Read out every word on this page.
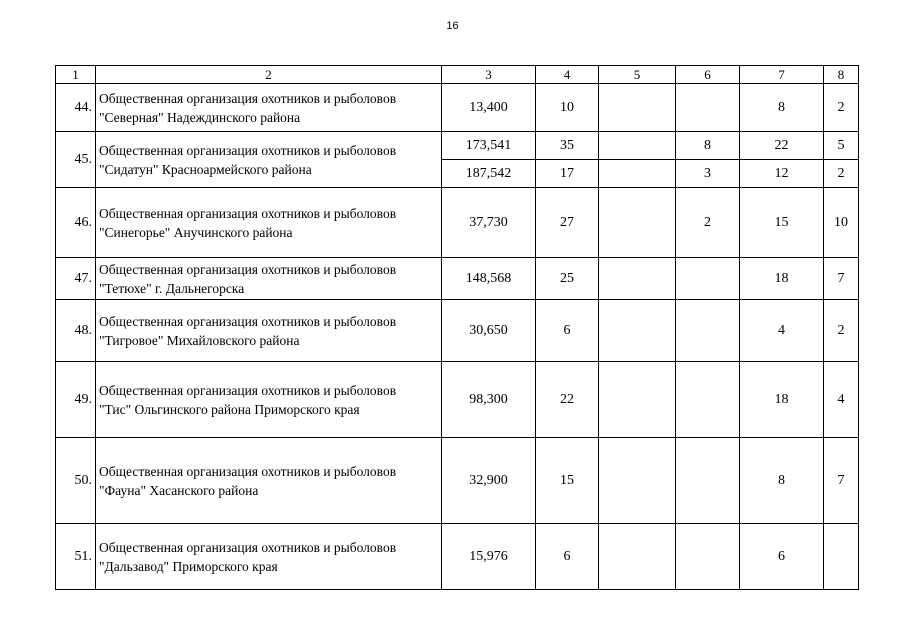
16
1	2	3	4	5	6	7	8
44.	Общественная организация охотников и рыболовов
"Северная" Надеждинского района	13,400	10			8	2
45.	Общественная организация охотников и рыболовов
"Сидатун" Красноармейского района	173,541	35		8	22	5
		187,542	17		3	12	2
46.	Общественная организация охотников и рыболовов
"Синегорье" Анучинского района	37,730	27		2	15	10
47.	Общественная организация охотников и рыболовов
"Тетюхе" г. Дальнегорска	148,568	25			18	7
48.	Общественная организация охотников и рыболовов
"Тигровое" Михайловского района	30,650	6			4	2
49.	Общественная организация охотников и рыболовов
"Тис" Ольгинского района Приморского края	98,300	22			18	4
50.	Общественная организация охотников и рыболовов
"Фауна" Хасанского района	32,900	15			8	7
51.	Общественная организация охотников и рыболовов
"Дальзавод" Приморского края	15,976	6			6	
